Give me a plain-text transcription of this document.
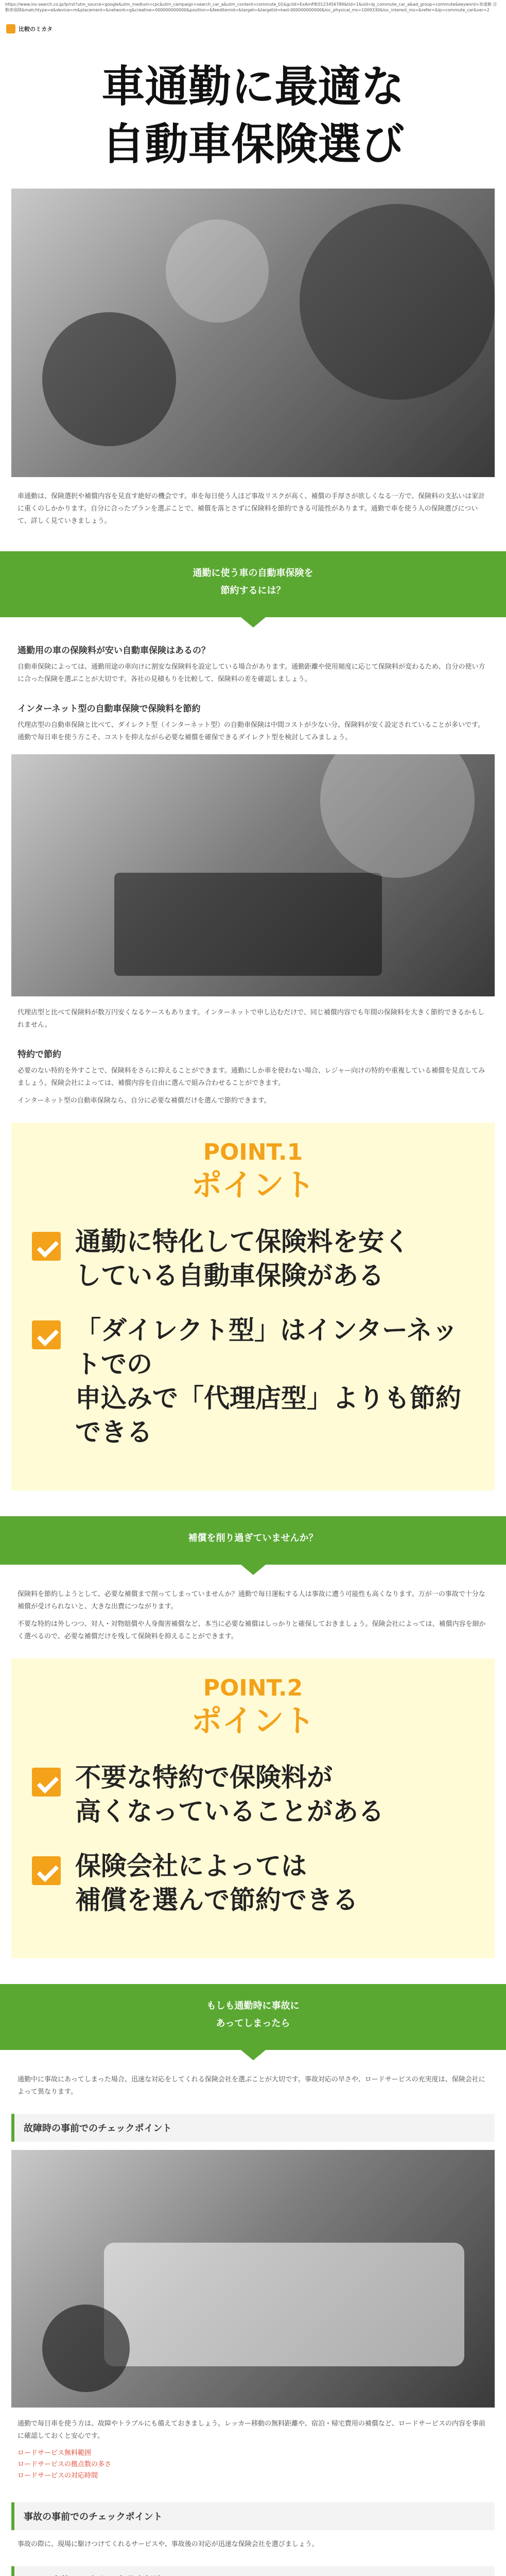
https://www.ins-search.co.jp/lp/rst?utm_source=google&utm_medium=cpc&utm_campaign=search_car_a&utm_content=commute_01&gclid=ExAmPlE0123456789&tid=1&sid=lp_commute_car_a&ad_group=commute&keyword=車通勤 自動車保険&matchtype=e&device=m&placement=&network=g&creative=000000000000&position=&feeditemid=&target=&targetid=kwd-000000000000&loc_physical_ms=1009330&loc_interest_ms=&refer=&lp=commute_car&ver=2
比較のミカタ
車通勤に最適な
自動車保険選び
車通勤は、保険選択や補償内容を見直す絶好の機会です。車を毎日使う人ほど事故リスクが高く、補償の手厚さが欲しくなる一方で、保険料の支払いは家計に重くのしかかります。自分に合ったプランを選ぶことで、補償を落とさずに保険料を節約できる可能性があります。通勤で車を使う人の保険選びについて、詳しく見ていきましょう。
通勤に使う車の自動車保険を
節約するには？
通勤用の車の保険料が安い自動車保険はあるの？

自動車保険によっては、通勤用途の車向けに割安な保険料を設定している場合があります。通勤距離や使用頻度に応じて保険料が変わるため、自分の使い方に合った保険を選ぶことが大切です。各社の見積もりを比較して、保険料の差を確認しましょう。

インターネット型の自動車保険で保険料を節約

代理店型の自動車保険と比べて、ダイレクト型（インターネット型）の自動車保険は中間コストが少ない分、保険料が安く設定されていることが多いです。通勤で毎日車を使う方こそ、コストを抑えながら必要な補償を確保できるダイレクト型を検討してみましょう。

代理店型と比べて保険料が数万円安くなるケースもあります。インターネットで申し込むだけで、同じ補償内容でも年間の保険料を大きく節約できるかもしれません。

特約で節約

必要のない特約を外すことで、保険料をさらに抑えることができます。通勤にしか車を使わない場合、レジャー向けの特約や重複している補償を見直してみましょう。保険会社によっては、補償内容を自由に選んで組み合わせることができます。

インターネット型の自動車保険なら、自分に必要な補償だけを選んで節約できます。

POINT.1
ポイント
通勤に特化して保険料を安く
している自動車保険がある
「ダイレクト型」はインターネットでの
申込みで「代理店型」よりも節約できる
補償を削り過ぎていませんか？

保険料を節約しようとして、必要な補償まで削ってしまっていませんか？通勤で毎日運転する人は事故に遭う可能性も高くなります。万が一の事故で十分な補償が受けられないと、大きな出費につながります。

不要な特約は外しつつ、対人・対物賠償や人身傷害補償など、本当に必要な補償はしっかりと確保しておきましょう。保険会社によっては、補償内容を細かく選べるので、必要な補償だけを残して保険料を抑えることができます。

POINT.2
ポイント
不要な特約で保険料が
高くなっていることがある
保険会社によっては
補償を選んで節約できる
もしも通勤時に事故に
あってしまったら

通勤中に事故にあってしまった場合、迅速な対応をしてくれる保険会社を選ぶことが大切です。事故対応の早さや、ロードサービスの充実度は、保険会社によって異なります。

故障時の事前でのチェックポイント

通勤で毎日車を使う方は、故障やトラブルにも備えておきましょう。レッカー移動の無料距離や、宿泊・帰宅費用の補償など、ロードサービスの内容を事前に確認しておくと安心です。

ロードサービス無料範囲
ロードサービスの拠点数の多さ
ロードサービスの対応時間
事故の事前でのチェックポイント

事故の際に、現場に駆けつけてくれるサービスや、事故後の対応が迅速な保険会社を選びましょう。
